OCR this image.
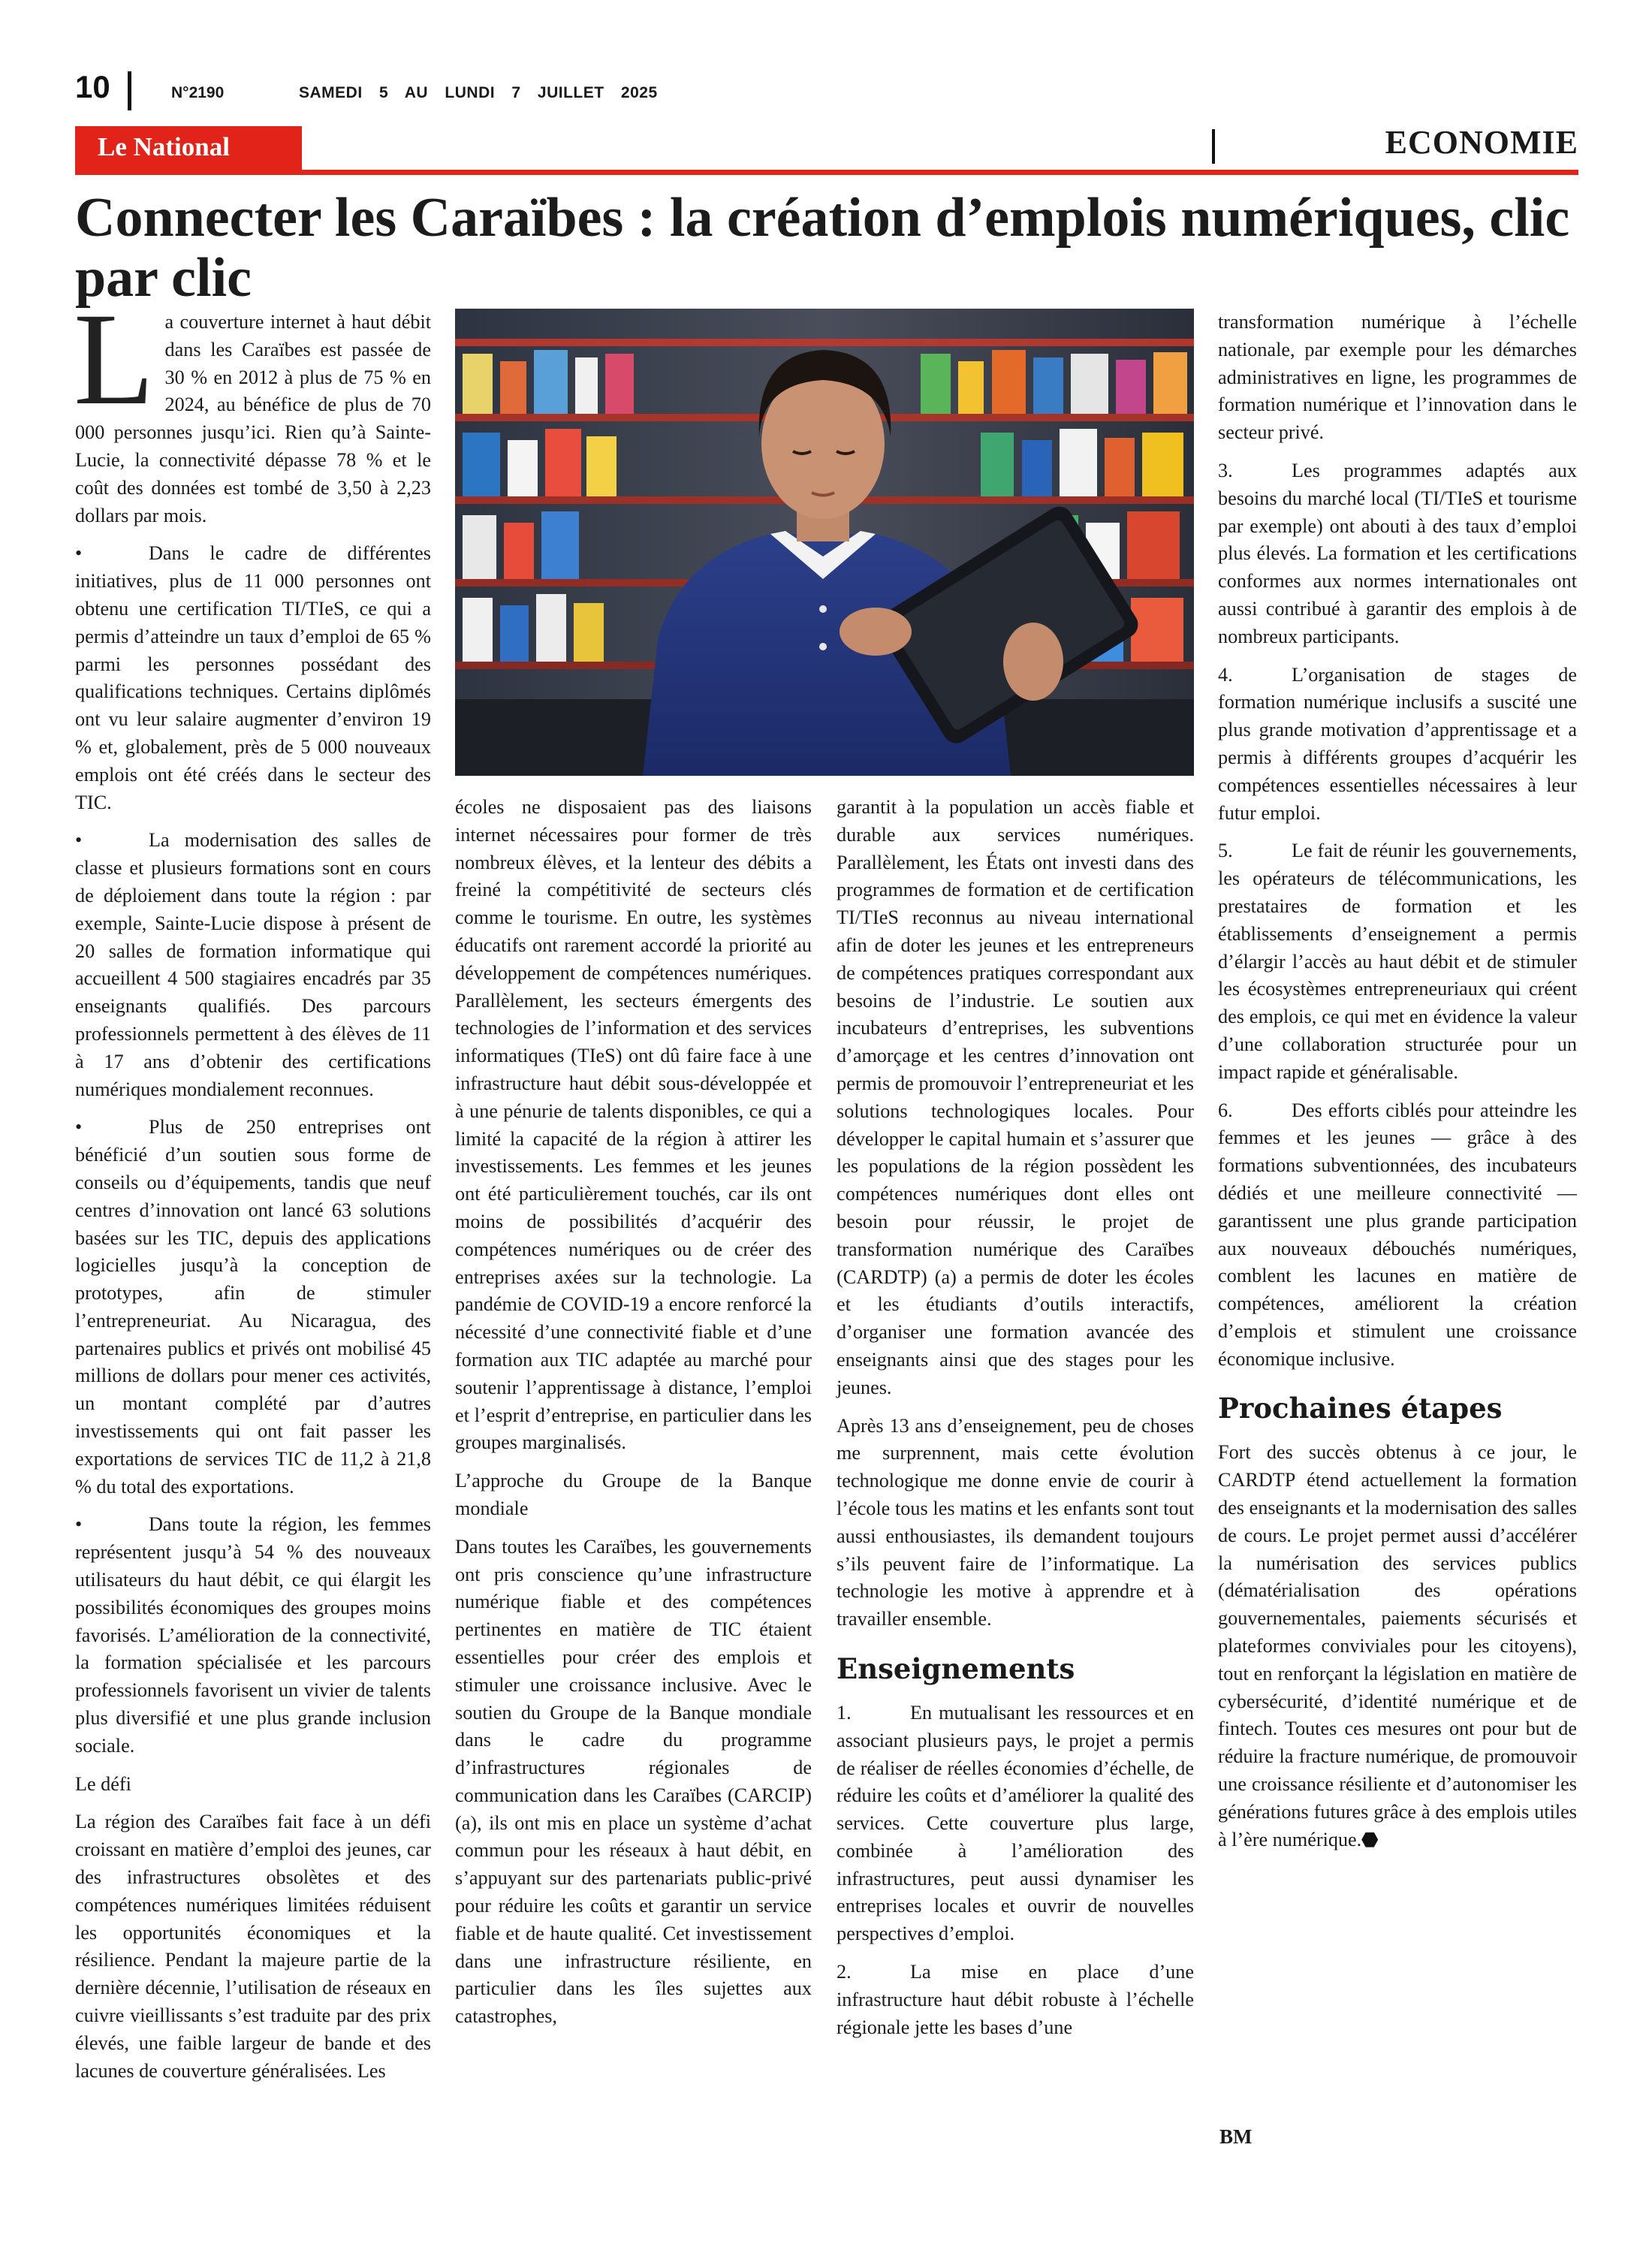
10	N°2190	SAMEDI 5 AU LUNDI 7 JUILLET 2025
Le National	ECONOMIE
Connecter les Caraïbes : la création d’emplois numériques, clic par clic

La couverture internet à haut débit dans les Caraïbes est passée de 30 % en 2012 à plus de 75 % en 2024, au bénéfice de plus de 70 000 personnes jusqu’ici. Rien qu’à Sainte-Lucie, la connectivité dépasse 78 % et le coût des données est tombé de 3,50 à 2,23 dollars par mois.

• Dans le cadre de différentes initiatives, plus de 11 000 personnes ont obtenu une certification TI/TIeS, ce qui a permis d’atteindre un taux d’emploi de 65 % parmi les personnes possédant des qualifications techniques. Certains diplômés ont vu leur salaire augmenter d’environ 19 % et, globalement, près de 5 000 nouveaux emplois ont été créés dans le secteur des TIC.

• La modernisation des salles de classe et plusieurs formations sont en cours de déploiement dans toute la région : par exemple, Sainte-Lucie dispose à présent de 20 salles de formation informatique qui accueillent 4 500 stagiaires encadrés par 35 enseignants qualifiés. Des parcours professionnels permettent à des élèves de 11 à 17 ans d’obtenir des certifications numériques mondialement reconnues.

• Plus de 250 entreprises ont bénéficié d’un soutien sous forme de conseils ou d’équipements, tandis que neuf centres d’innovation ont lancé 63 solutions basées sur les TIC, depuis des applications logicielles jusqu’à la conception de prototypes, afin de stimuler l’entrepreneuriat. Au Nicaragua, des partenaires publics et privés ont mobilisé 45 millions de dollars pour mener ces activités, un montant complété par d’autres investissements qui ont fait passer les exportations de services TIC de 11,2 à 21,8 % du total des exportations.

• Dans toute la région, les femmes représentent jusqu’à 54 % des nouveaux utilisateurs du haut débit, ce qui élargit les possibilités économiques des groupes moins favorisés. L’amélioration de la connectivité, la formation spécialisée et les parcours professionnels favorisent un vivier de talents plus diversifié et une plus grande inclusion sociale.

Le défi

La région des Caraïbes fait face à un défi croissant en matière d’emploi des jeunes, car des infrastructures obsolètes et des compétences numériques limitées réduisent les opportunités économiques et la résilience. Pendant la majeure partie de la dernière décennie, l’utilisation de réseaux en cuivre vieillissants s’est traduite par des prix élevés, une faible largeur de bande et des lacunes de couverture généralisées. Les

écoles ne disposaient pas des liaisons internet nécessaires pour former de très nombreux élèves, et la lenteur des débits a freiné la compétitivité de secteurs clés comme le tourisme. En outre, les systèmes éducatifs ont rarement accordé la priorité au développement de compétences numériques. Parallèlement, les secteurs émergents des technologies de l’information et des services informatiques (TIeS) ont dû faire face à une infrastructure haut débit sous-développée et à une pénurie de talents disponibles, ce qui a limité la capacité de la région à attirer les investissements. Les femmes et les jeunes ont été particulièrement touchés, car ils ont moins de possibilités d’acquérir des compétences numériques ou de créer des entreprises axées sur la technologie. La pandémie de COVID-19 a encore renforcé la nécessité d’une connectivité fiable et d’une formation aux TIC adaptée au marché pour soutenir l’apprentissage à distance, l’emploi et l’esprit d’entreprise, en particulier dans les groupes marginalisés.

L’approche du Groupe de la Banque mondiale

Dans toutes les Caraïbes, les gouvernements ont pris conscience qu’une infrastructure numérique fiable et des compétences pertinentes en matière de TIC étaient essentielles pour créer des emplois et stimuler une croissance inclusive. Avec le soutien du Groupe de la Banque mondiale dans le cadre du programme d’infrastructures régionales de communication dans les Caraïbes (CARCIP) (a), ils ont mis en place un système d’achat commun pour les réseaux à haut débit, en s’appuyant sur des partenariats public-privé pour réduire les coûts et garantir un service fiable et de haute qualité. Cet investissement dans une infrastructure résiliente, en particulier dans les îles sujettes aux catastrophes,

garantit à la population un accès fiable et durable aux services numériques. Parallèlement, les États ont investi dans des programmes de formation et de certification TI/TIeS reconnus au niveau international afin de doter les jeunes et les entrepreneurs de compétences pratiques correspondant aux besoins de l’industrie. Le soutien aux incubateurs d’entreprises, les subventions d’amorçage et les centres d’innovation ont permis de promouvoir l’entrepreneuriat et les solutions technologiques locales. Pour développer le capital humain et s’assurer que les populations de la région possèdent les compétences numériques dont elles ont besoin pour réussir, le projet de transformation numérique des Caraïbes (CARDTP) (a) a permis de doter les écoles et les étudiants d’outils interactifs, d’organiser une formation avancée des enseignants ainsi que des stages pour les jeunes.

Après 13 ans d’enseignement, peu de choses me surprennent, mais cette évolution technologique me donne envie de courir à l’école tous les matins et les enfants sont tout aussi enthousiastes, ils demandent toujours s’ils peuvent faire de l’informatique. La technologie les motive à apprendre et à travailler ensemble.

Enseignements

1.	En mutualisant les ressources et en associant plusieurs pays, le projet a permis de réaliser de réelles économies d’échelle, de réduire les coûts et d’améliorer la qualité des services. Cette couverture plus large, combinée à l’amélioration des infrastructures, peut aussi dynamiser les entreprises locales et ouvrir de nouvelles perspectives d’emploi.

2.	La mise en place d’une infrastructure haut débit robuste à l’échelle régionale jette les bases d’une

transformation numérique à l’échelle nationale, par exemple pour les démarches administratives en ligne, les programmes de formation numérique et l’innovation dans le secteur privé.

3.	Les programmes adaptés aux besoins du marché local (TI/TIeS et tourisme par exemple) ont abouti à des taux d’emploi plus élevés. La formation et les certifications conformes aux normes internationales ont aussi contribué à garantir des emplois à de nombreux participants.

4.	L’organisation de stages de formation numérique inclusifs a suscité une plus grande motivation d’apprentissage et a permis à différents groupes d’acquérir les compétences essentielles nécessaires à leur futur emploi.

5.	Le fait de réunir les gouvernements, les opérateurs de télécommunications, les prestataires de formation et les établissements d’enseignement a permis d’élargir l’accès au haut débit et de stimuler les écosystèmes entrepreneuriaux qui créent des emplois, ce qui met en évidence la valeur d’une collaboration structurée pour un impact rapide et généralisable.

6.	Des efforts ciblés pour atteindre les femmes et les jeunes — grâce à des formations subventionnées, des incubateurs dédiés et une meilleure connectivité — garantissent une plus grande participation aux nouveaux débouchés numériques, comblent les lacunes en matière de compétences, améliorent la création d’emplois et stimulent une croissance économique inclusive.

Prochaines étapes

Fort des succès obtenus à ce jour, le CARDTP étend actuellement la formation des enseignants et la modernisation des salles de cours. Le projet permet aussi d’accélérer la numérisation des services publics (dématérialisation des opérations gouvernementales, paiements sécurisés et plateformes conviviales pour les citoyens), tout en renforçant la législation en matière de cybersécurité, d’identité numérique et de fintech. Toutes ces mesures ont pour but de réduire la fracture numérique, de promouvoir une croissance résiliente et d’autonomiser les générations futures grâce à des emplois utiles à l’ère numérique.

BM
